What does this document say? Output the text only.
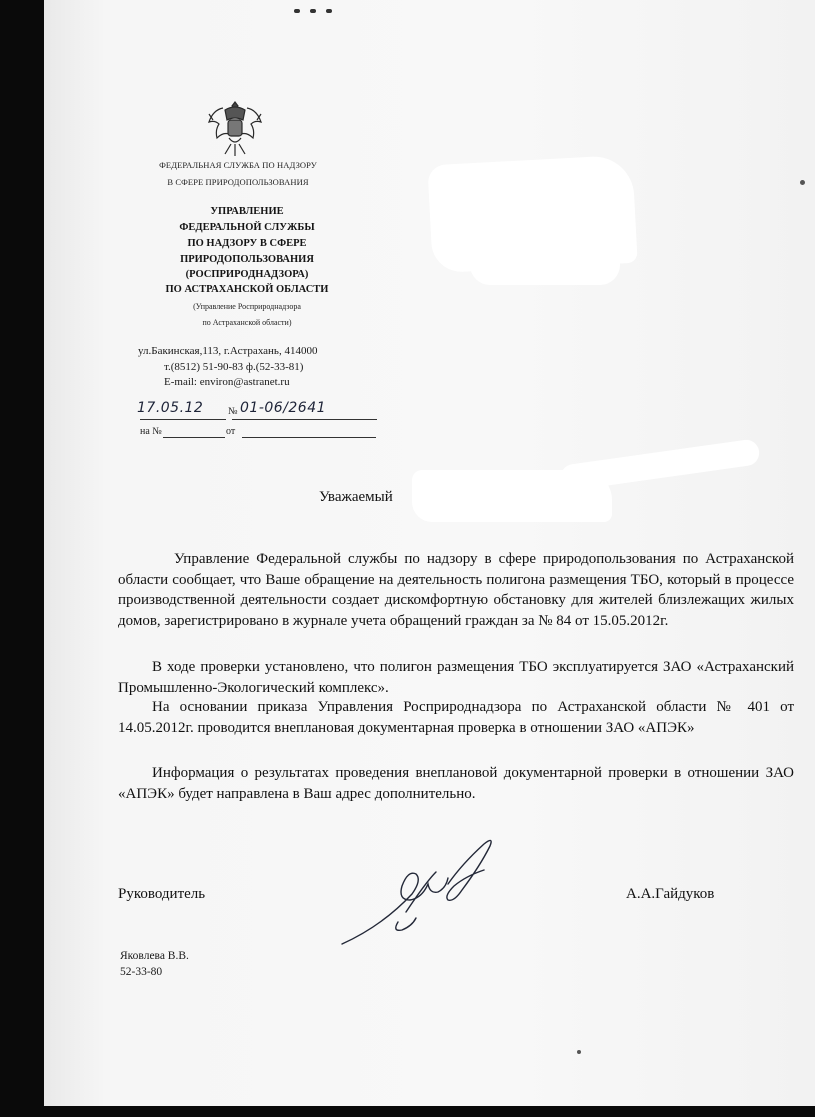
ФЕДЕРАЛЬНАЯ СЛУЖБА ПО НАДЗОРУ
В СФЕРЕ ПРИРОДОПОЛЬЗОВАНИЯ
УПРАВЛЕНИЕ
ФЕДЕРАЛЬНОЙ СЛУЖБЫ
ПО НАДЗОРУ В СФЕРЕ
ПРИРОДОПОЛЬЗОВАНИЯ
(РОСПРИРОДНАДЗОРА)
ПО АСТРАХАНСКОЙ ОБЛАСТИ
(Управление Росприроднадзора
по Астраханской области)
ул.Бакинская,113, г.Астрахань, 414000
т.(8512) 51-90-83 ф.(52-33-81)
E-mail: environ@astranet.ru
17.05.12 № 01-06/2641
на №	от
Уважаемый

Управление Федеральной службы по надзору в сфере природопользования по Астраханской области сообщает, что Ваше обращение на деятельность полигона размещения ТБО, который в процессе производственной деятельности создает дискомфортную обстановку для жителей близлежащих жилых домов, зарегистрировано в журнале учета обращений граждан за № 84 от 15.05.2012г.

В ходе проверки установлено, что полигон размещения ТБО эксплуатируется ЗАО «Астраханский Промышленно-Экологический комплекс».

На основании приказа Управления Росприроднадзора по Астраханской области № 401 от 14.05.2012г. проводится внеплановая документарная проверка в отношении ЗАО «АПЭК»

Информация о результатах проведения внеплановой документарной проверки в отношении ЗАО «АПЭК» будет направлена в Ваш адрес дополнительно.

Руководитель	А.А.Гайдуков
Яковлева В.В.
52-33-80
